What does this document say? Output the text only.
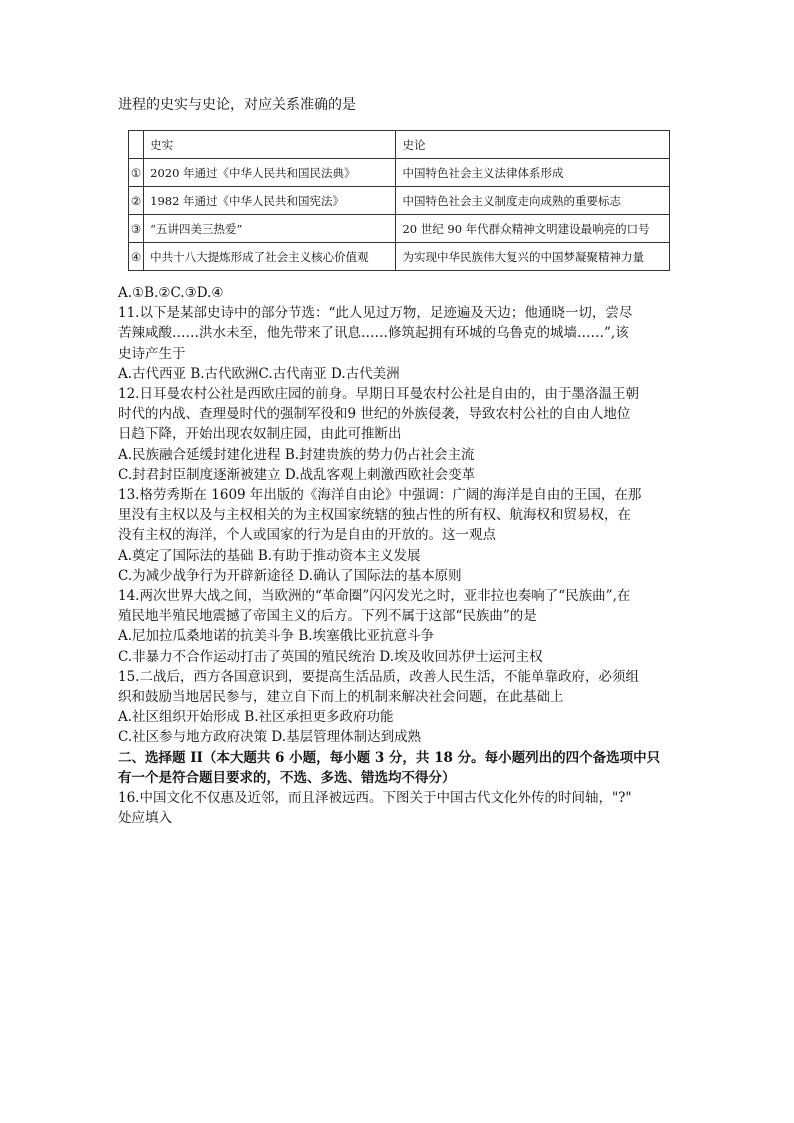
进程的史实与史论，对应关系准确的是
	史实	史论
①	2020 年通过《中华人民共和国民法典》	中国特色社会主义法律体系形成
②	1982 年通过《中华人民共和国宪法》	中国特色社会主义制度走向成熟的重要标志
③	“五讲四美三热爱”	20 世纪 90 年代群众精神文明建设最响亮的口号
④	中共十八大提炼形成了社会主义核心价值观	为实现中华民族伟大复兴的中国梦凝聚精神力量

A.①B.②C.③D.④

11.以下是某部史诗中的部分节选：“此人见过万物，足迹遍及天边；他通晓一切，尝尽

苦辣咸酸……洪水未至，他先带来了讯息……修筑起拥有环城的乌鲁克的城墙……”,该

史诗产生于

A.古代西亚 B.古代欧洲C.古代南亚 D.古代美洲

12.日耳曼农村公社是西欧庄园的前身。早期日耳曼农村公社是自由的，由于墨洛温王朝

时代的内战、查理曼时代的强制军役和9 世纪的外族侵袭，导致农村公社的自由人地位

日趋下降，开始出现农奴制庄园，由此可推断出

A.民族融合延缓封建化进程 B.封建贵族的势力仍占社会主流

C.封君封臣制度逐渐被建立 D.战乱客观上刺激西欧社会变革

13.格劳秀斯在 1609 年出版的《海洋自由论》中强调：广阔的海洋是自由的王国，在那

里没有主权以及与主权相关的为主权国家统辖的独占性的所有权、航海权和贸易权，在

没有主权的海洋，个人或国家的行为是自由的开放的。这一观点

A.奠定了国际法的基础 B.有助于推动资本主义发展

C.为减少战争行为开辟新途径 D.确认了国际法的基本原则

14.两次世界大战之间，当欧洲的“革命圈”闪闪发光之时，亚非拉也奏响了“民族曲”,在

殖民地半殖民地震撼了帝国主义的后方。下列不属于这部“民族曲”的是

A.尼加拉瓜桑地诺的抗美斗争 B.埃塞俄比亚抗意斗争

C.非暴力不合作运动打击了英国的殖民统治 D.埃及收回苏伊士运河主权

15.二战后，西方各国意识到，要提高生活品质，改善人民生活，不能单靠政府，必须组

织和鼓励当地居民参与，建立自下而上的机制来解决社会问题，在此基础上

A.社区组织开始形成 B.社区承担更多政府功能

C.社区参与地方政府决策 D.基层管理体制达到成熟

二、选择题 II（本大题共 6 小题，每小题 3 分，共 18 分。每小题列出的四个备选项中只

有一个是符合题目要求的，不选、多选、错选均不得分）

16.中国文化不仅惠及近邻，而且泽被远西。下图关于中国古代文化外传的时间轴，"?"

处应填入
